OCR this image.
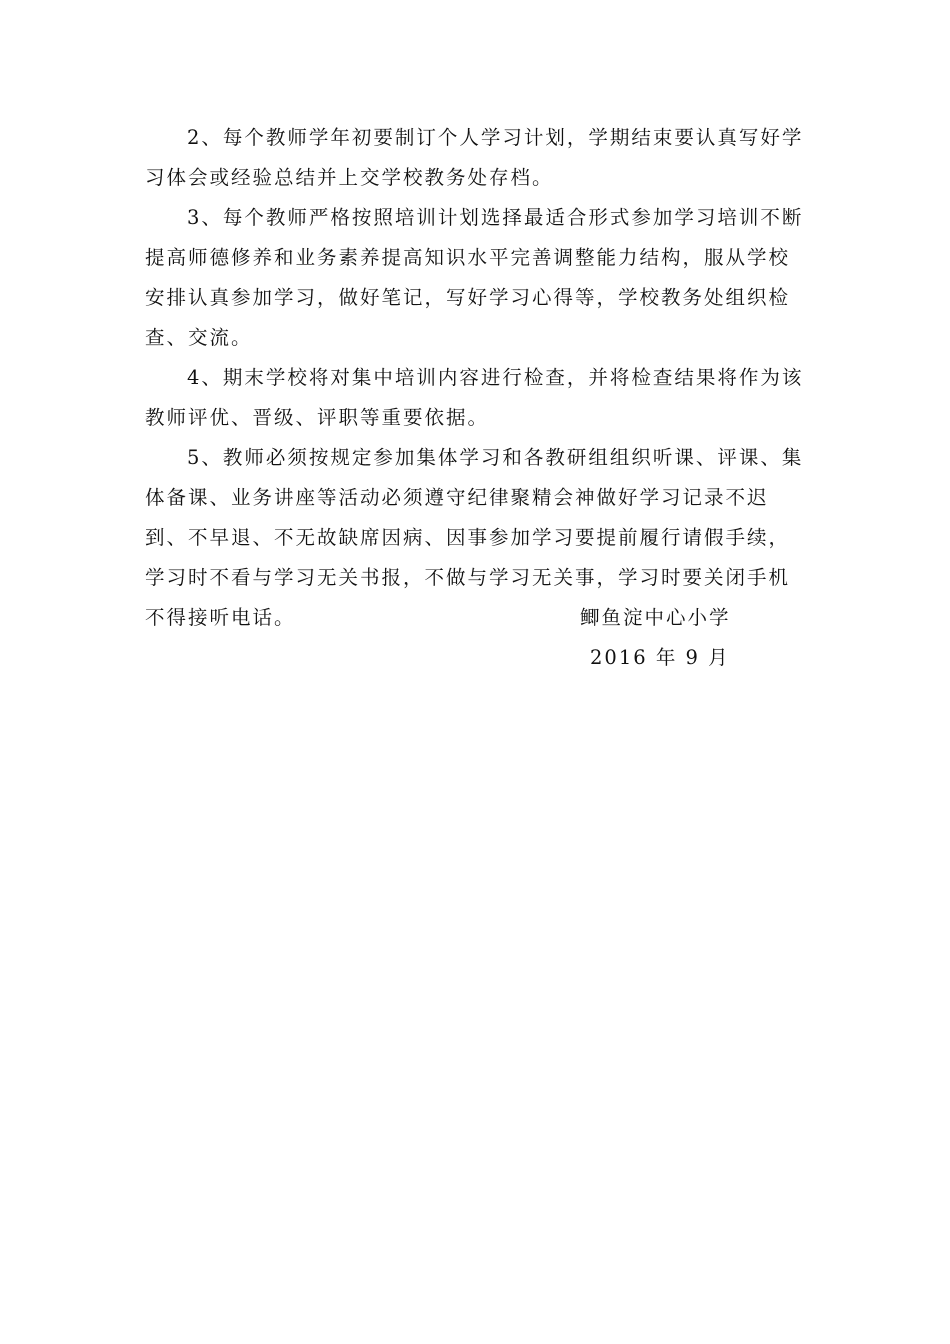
2、每个教师学年初要制订个人学习计划，学期结束要认真写好学习体会或经验总结并上交学校教务处存档。

3、每个教师严格按照培训计划选择最适合形式参加学习培训不断提高师德修养和业务素养提高知识水平完善调整能力结构，服从学校安排认真参加学习，做好笔记，写好学习心得等，学校教务处组织检查、交流。

4、期末学校将对集中培训内容进行检查，并将检查结果将作为该教师评优、晋级、评职等重要依据。

5、教师必须按规定参加集体学习和各教研组组织听课、评课、集体备课、业务讲座等活动必须遵守纪律聚精会神做好学习记录不迟到、不早退、不无故缺席因病、因事参加学习要提前履行请假手续，学习时不看与学习无关书报，不做与学习无关事，学习时要关闭手机不得接听电话。	鲫鱼淀中心小学
2016 年 9 月
